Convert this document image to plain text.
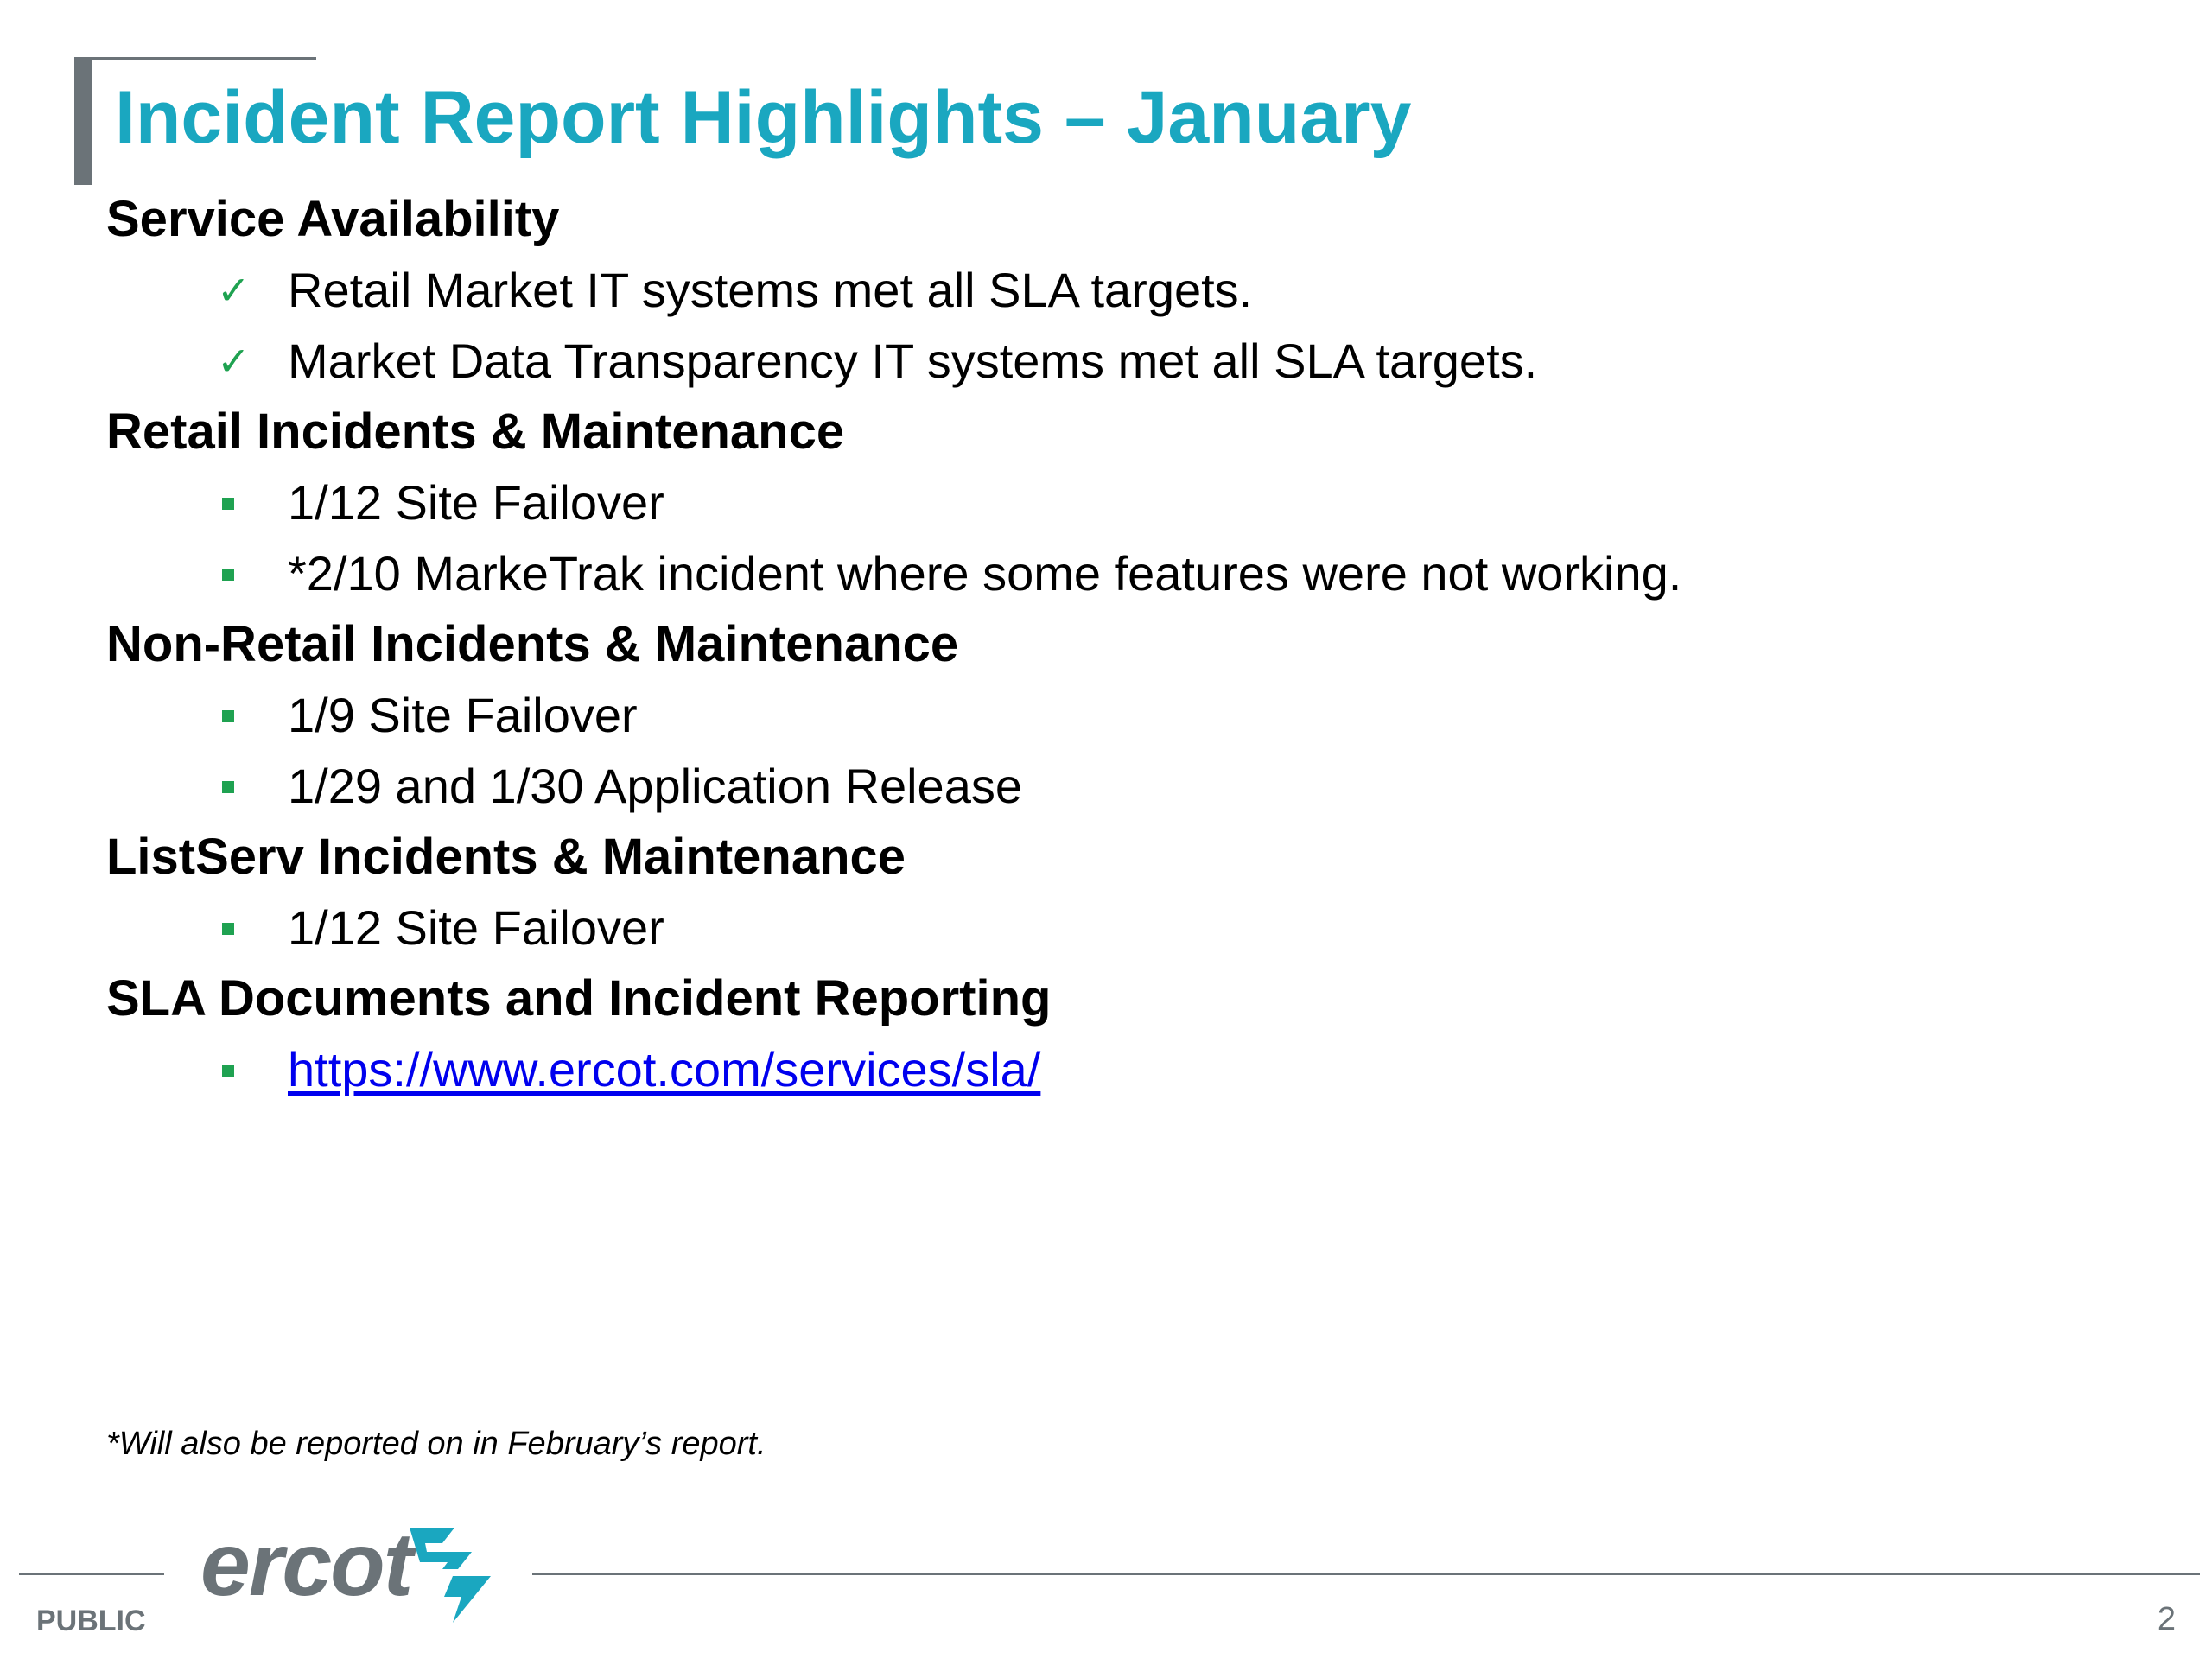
Incident Report Highlights – January
Service Availability
✓ Retail Market IT systems met all SLA targets.
✓ Market Data Transparency IT systems met all SLA targets.
Retail Incidents & Maintenance
1/12 Site Failover
*2/10 MarkeTrak incident where some features were not working.
Non-Retail Incidents & Maintenance
1/9 Site Failover
1/29 and 1/30 Application Release
ListServ Incidents & Maintenance
1/12 Site Failover
SLA Documents and Incident Reporting
https://www.ercot.com/services/sla/
*Will also be reported on in February’s report.
ercot
PUBLIC	2
